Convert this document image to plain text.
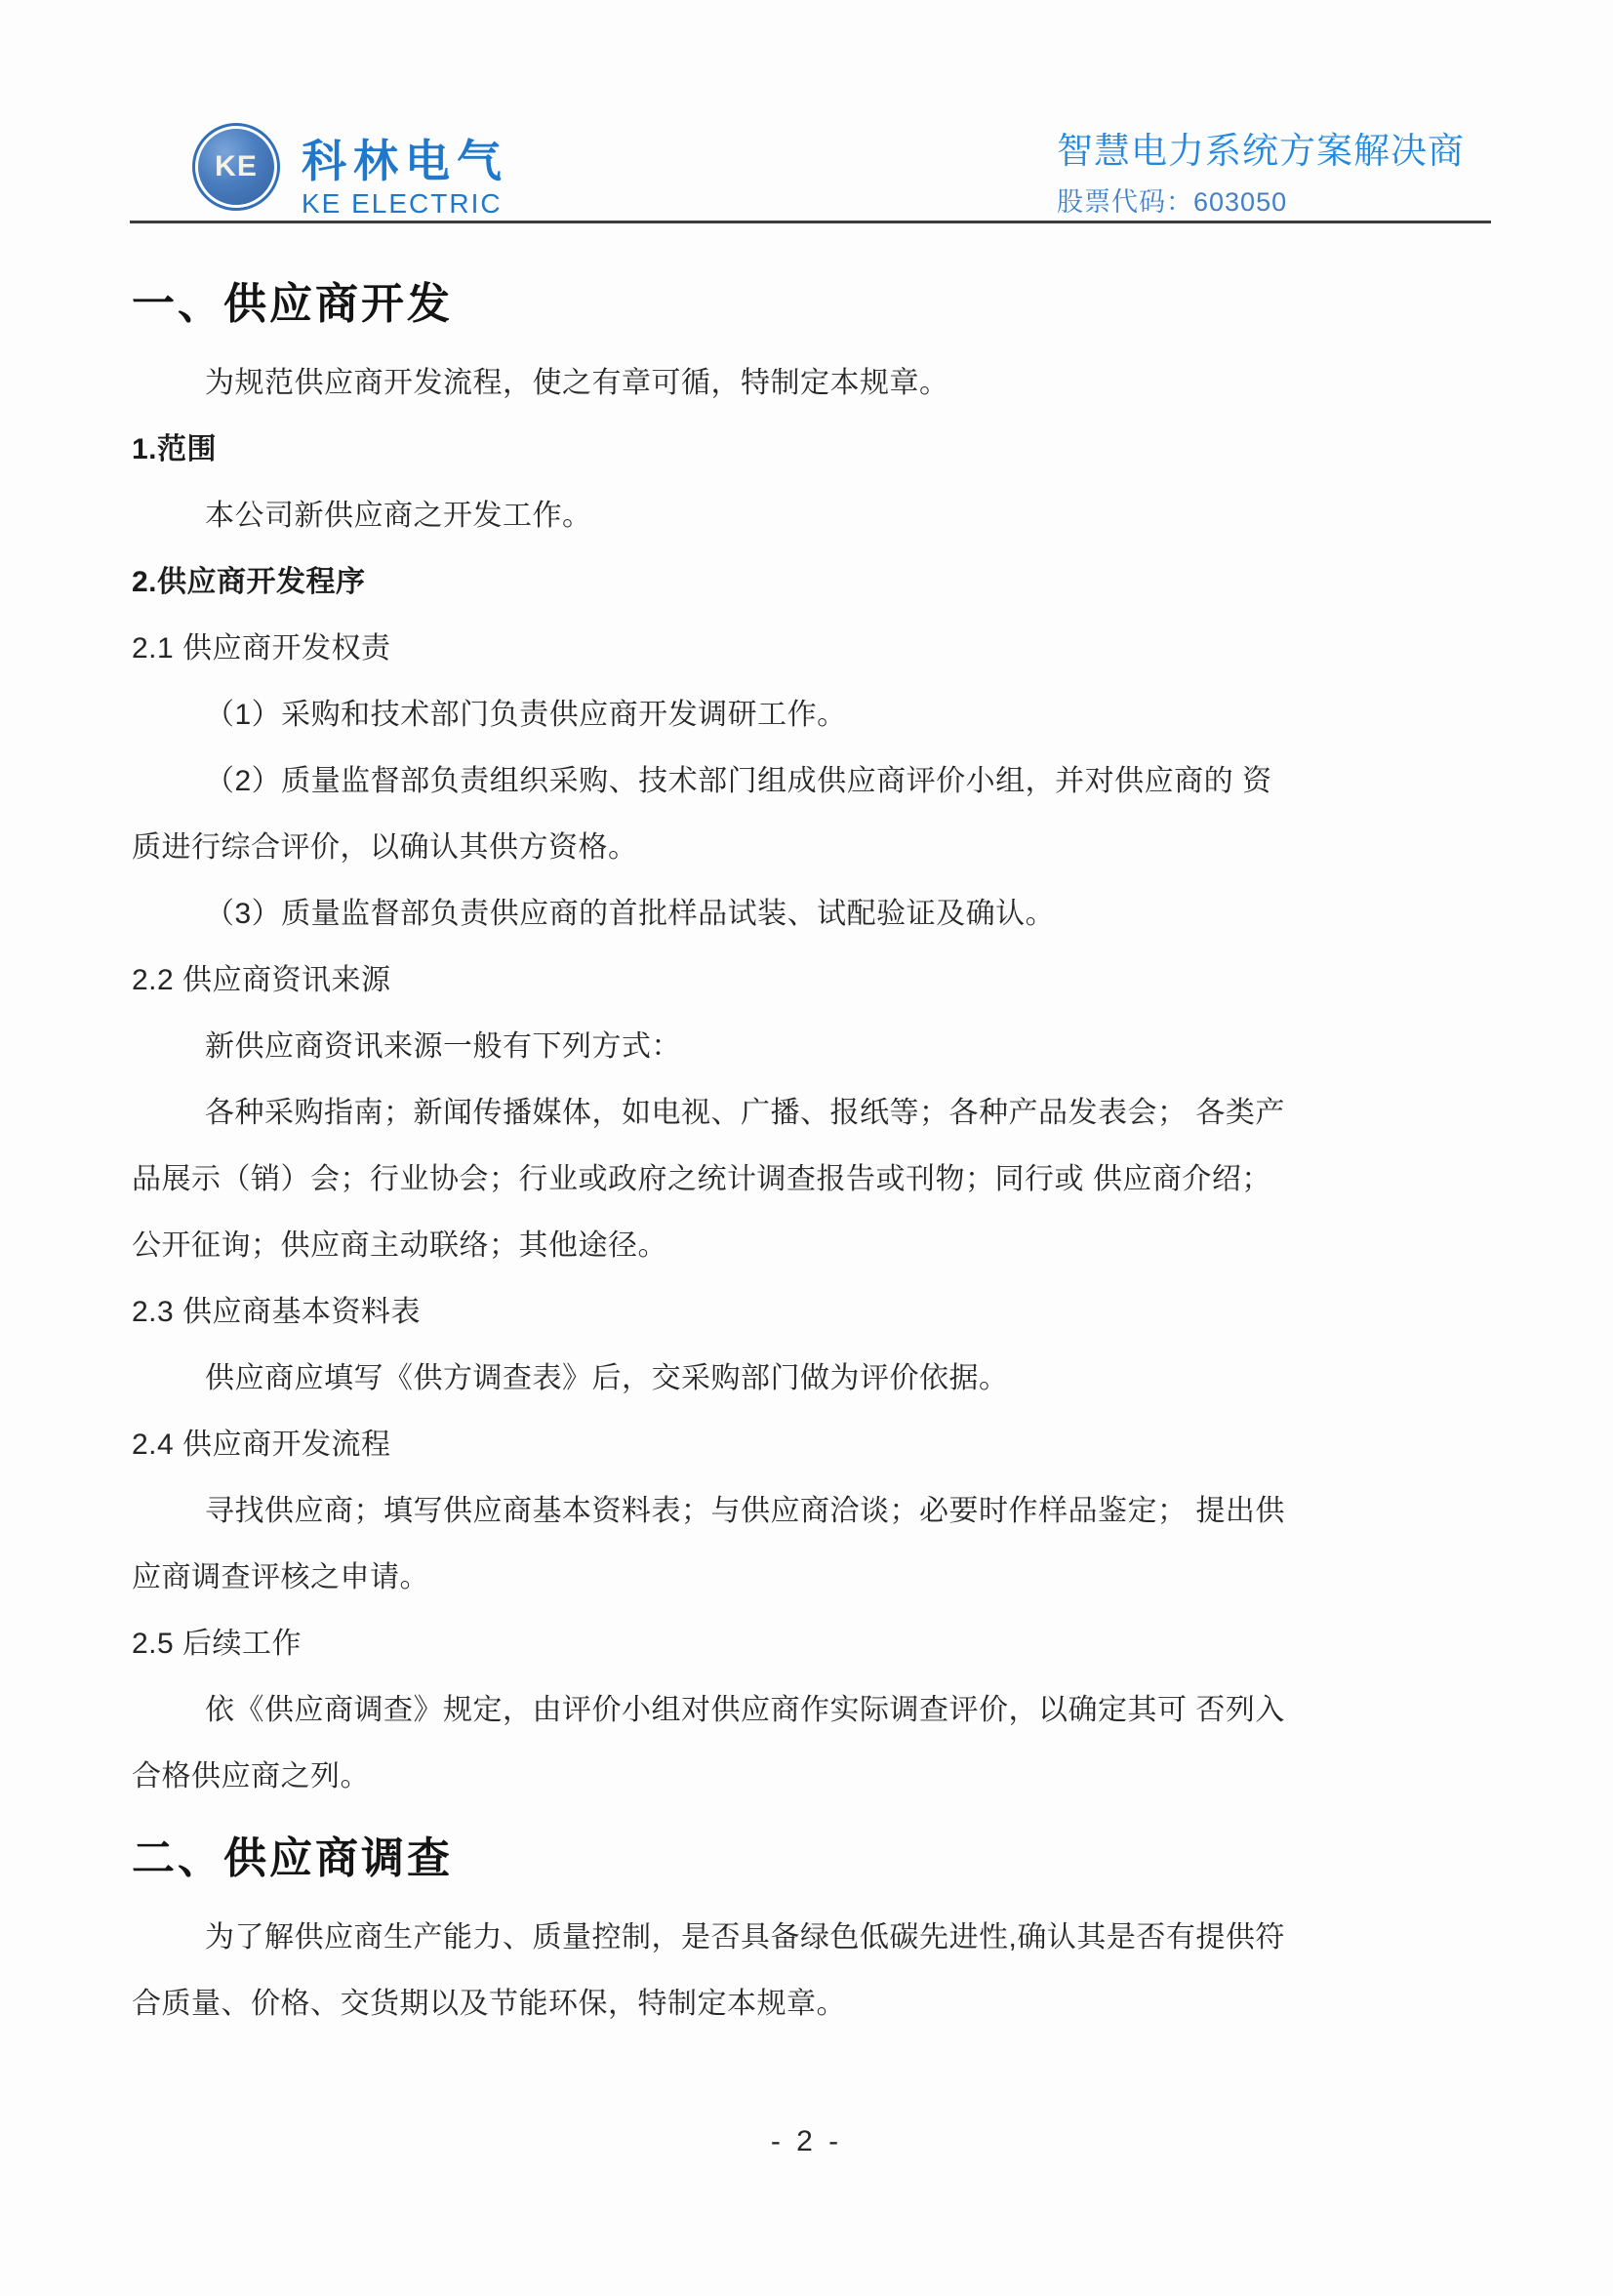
KE 科林电气
KE ELECTRIC
智慧电力系统方案解决商
股票代码：603050
一、供应商开发
为规范供应商开发流程，使之有章可循，特制定本规章。
1.范围
本公司新供应商之开发工作。
2.供应商开发程序
2.1 供应商开发权责
（1）采购和技术部门负责供应商开发调研工作。
（2）质量监督部负责组织采购、技术部门组成供应商评价小组，并对供应商的 资
质进行综合评价，以确认其供方资格。
（3）质量监督部负责供应商的首批样品试装、试配验证及确认。
2.2 供应商资讯来源
新供应商资讯来源一般有下列方式：
各种采购指南；新闻传播媒体，如电视、广播、报纸等；各种产品发表会； 各类产
品展示（销）会；行业协会；行业或政府之统计调查报告或刊物；同行或 供应商介绍；
公开征询；供应商主动联络；其他途径。
2.3 供应商基本资料表
供应商应填写《供方调查表》后，交采购部门做为评价依据。
2.4 供应商开发流程
寻找供应商；填写供应商基本资料表；与供应商洽谈；必要时作样品鉴定； 提出供
应商调查评核之申请。
2.5 后续工作
依《供应商调查》规定，由评价小组对供应商作实际调查评价，以确定其可 否列入
合格供应商之列。
二、供应商调查
为了解供应商生产能力、质量控制，是否具备绿色低碳先进性,确认其是否有提供符
合质量、价格、交货期以及节能环保，特制定本规章。
- 2 -
